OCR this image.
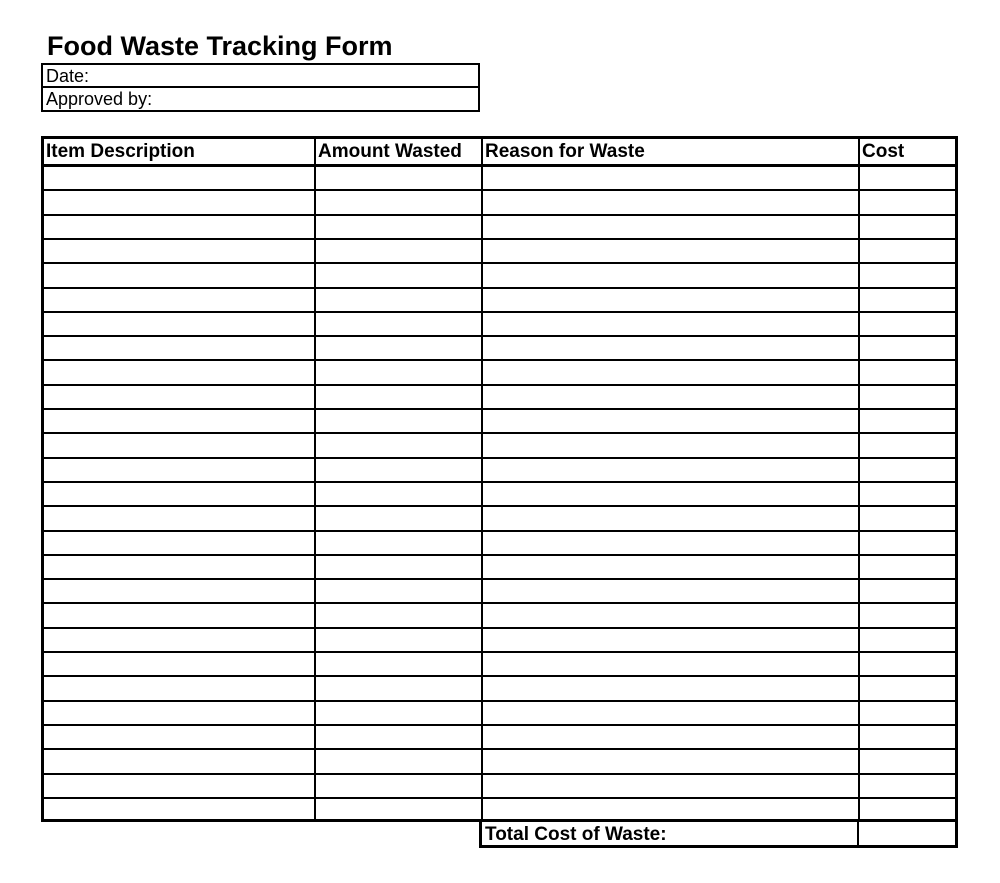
Food Waste Tracking Form
Date:
Approved by:
Item Description	Amount Wasted	Reason for Waste	Cost
Total Cost of Waste:
